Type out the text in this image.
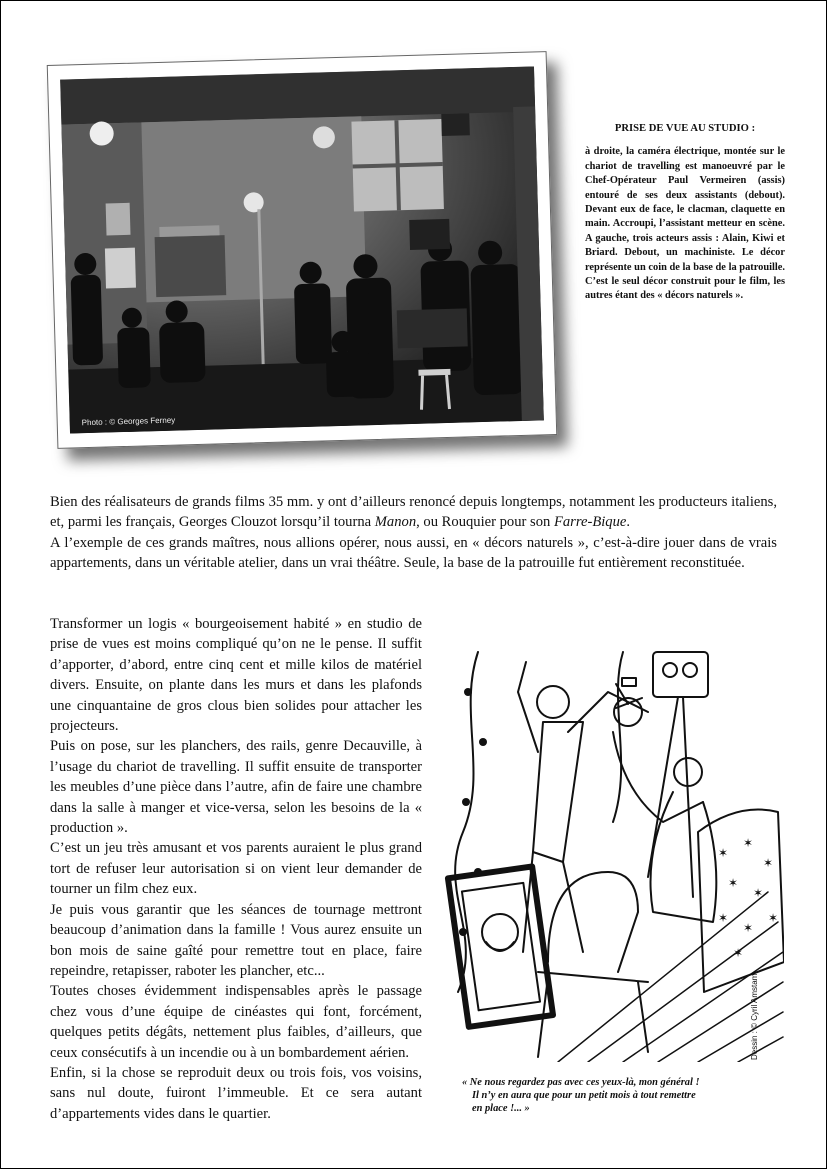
Photo : © Georges Ferney

PRISE DE VUE AU STUDIO :

à droite, la caméra électrique, montée sur le chariot de travelling est manoeuvré par le Chef-Opérateur Paul Vermeiren (assis) entouré de ses deux assistants (debout). Devant eux de face, le clacman, claquette en main. Accroupi, l’assistant metteur en scène. A gauche, trois acteurs assis : Alain, Kiwi et Briard. Debout, un machiniste. Le décor représente un coin de la base de la patrouille. C’est le seul décor construit pour le film, les autres étant des « décors naturels ».

Bien des réalisateurs de grands films 35 mm. y ont d’ailleurs renoncé depuis longtemps, notamment les producteurs italiens, et, parmi les français, Georges Clouzot lorsqu’il tourna Manon, ou Rouquier pour son Farre-Bique.

A l’exemple de ces grands maîtres, nous allions opérer, nous aussi, en « décors naturels », c’est-à-dire jouer dans de vrais appartements, dans un véritable atelier, dans un vrai théâtre. Seule, la base de la patrouille fut entièrement reconstituée.

Transformer un logis « bourgeoisement habité » en studio de prise de vues est moins compliqué qu’on ne le pense. Il suffit d’apporter, d’abord, entre cinq cent et mille kilos de matériel divers. Ensuite, on plante dans les murs et dans les plafonds une cinquantaine de gros clous bien solides pour attacher les projecteurs.

Puis on pose, sur les planchers, des rails, genre Decauville, à l’usage du chariot de travelling. Il suffit ensuite de transporter les meubles d’une pièce dans l’autre, afin de faire une chambre dans la salle à manger et vice-versa, selon les besoins de la « production ».

C’est un jeu très amusant et vos parents auraient le plus grand tort de refuser leur autorisation si on vient leur demander de tourner un film chez eux.

Je puis vous garantir que les séances de tournage mettront beaucoup d’animation dans la famille ! Vous aurez ensuite un bon mois de saine gaîté pour remettre tout en place, faire repeindre, retapisser, raboter les plancher, etc...

Toutes choses évidemment indispensables après le passage chez vous d’une équipe de cinéastes qui font, forcément, quelques petits dégâts, nettement plus faibles, d’ailleurs, que ceux consécutifs à un incendie ou à un bombardement aérien.

Enfin, si la chose se reproduit deux ou trois fois, vos voisins, sans nul doute, fuiront l’immeuble. Et ce sera autant d’appartements vides dans le quartier.

✶
✶
✶
✶
✶
✶
✶
✶
✶
Dessin : © Cyril Amstam
« Ne nous regardez pas avec ces yeux-là, mon général !
Il n’y en aura que pour un petit mois à tout remettre
en place !... »
